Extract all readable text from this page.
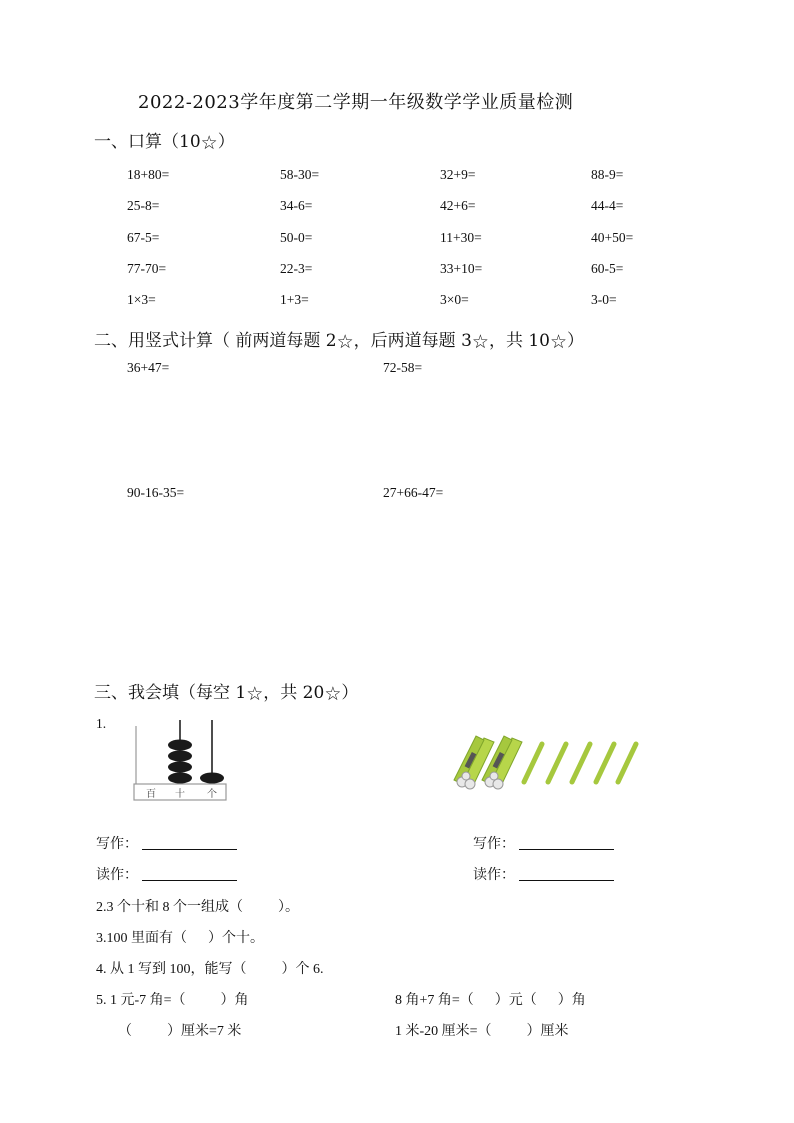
2022-2023学年度第二学期一年级数学学业质量检测
一、口算（10☆）
18+80=	58-30=	32+9=	88-9=
25-8=	34-6=	42+6=	44-4=
67-5=	50-0=	11+30=	40+50=
77-70=	22-3=	33+10=	60-5=
1×3=	1+3=	3×0=	3-0=
二、用竖式计算（ 前两道每题 2☆，后两道每题 3☆，共 10☆）
36+47=	72-58=
90-16-35=	27+66-47=
三、我会填（每空 1☆，共 20☆）
1.
百 十 个
写作：	写作：
读作：	读作：
2.3 个十和 8 个一组成（          ）。
3.100 里面有（      ）个十。
4. 从 1 写到 100，能写（          ）个 6.
5. 1 元-7 角=（          ）角	8 角+7 角=（      ）元（      ）角
（          ）厘米=7 米	1 米-20 厘米=（          ）厘米
